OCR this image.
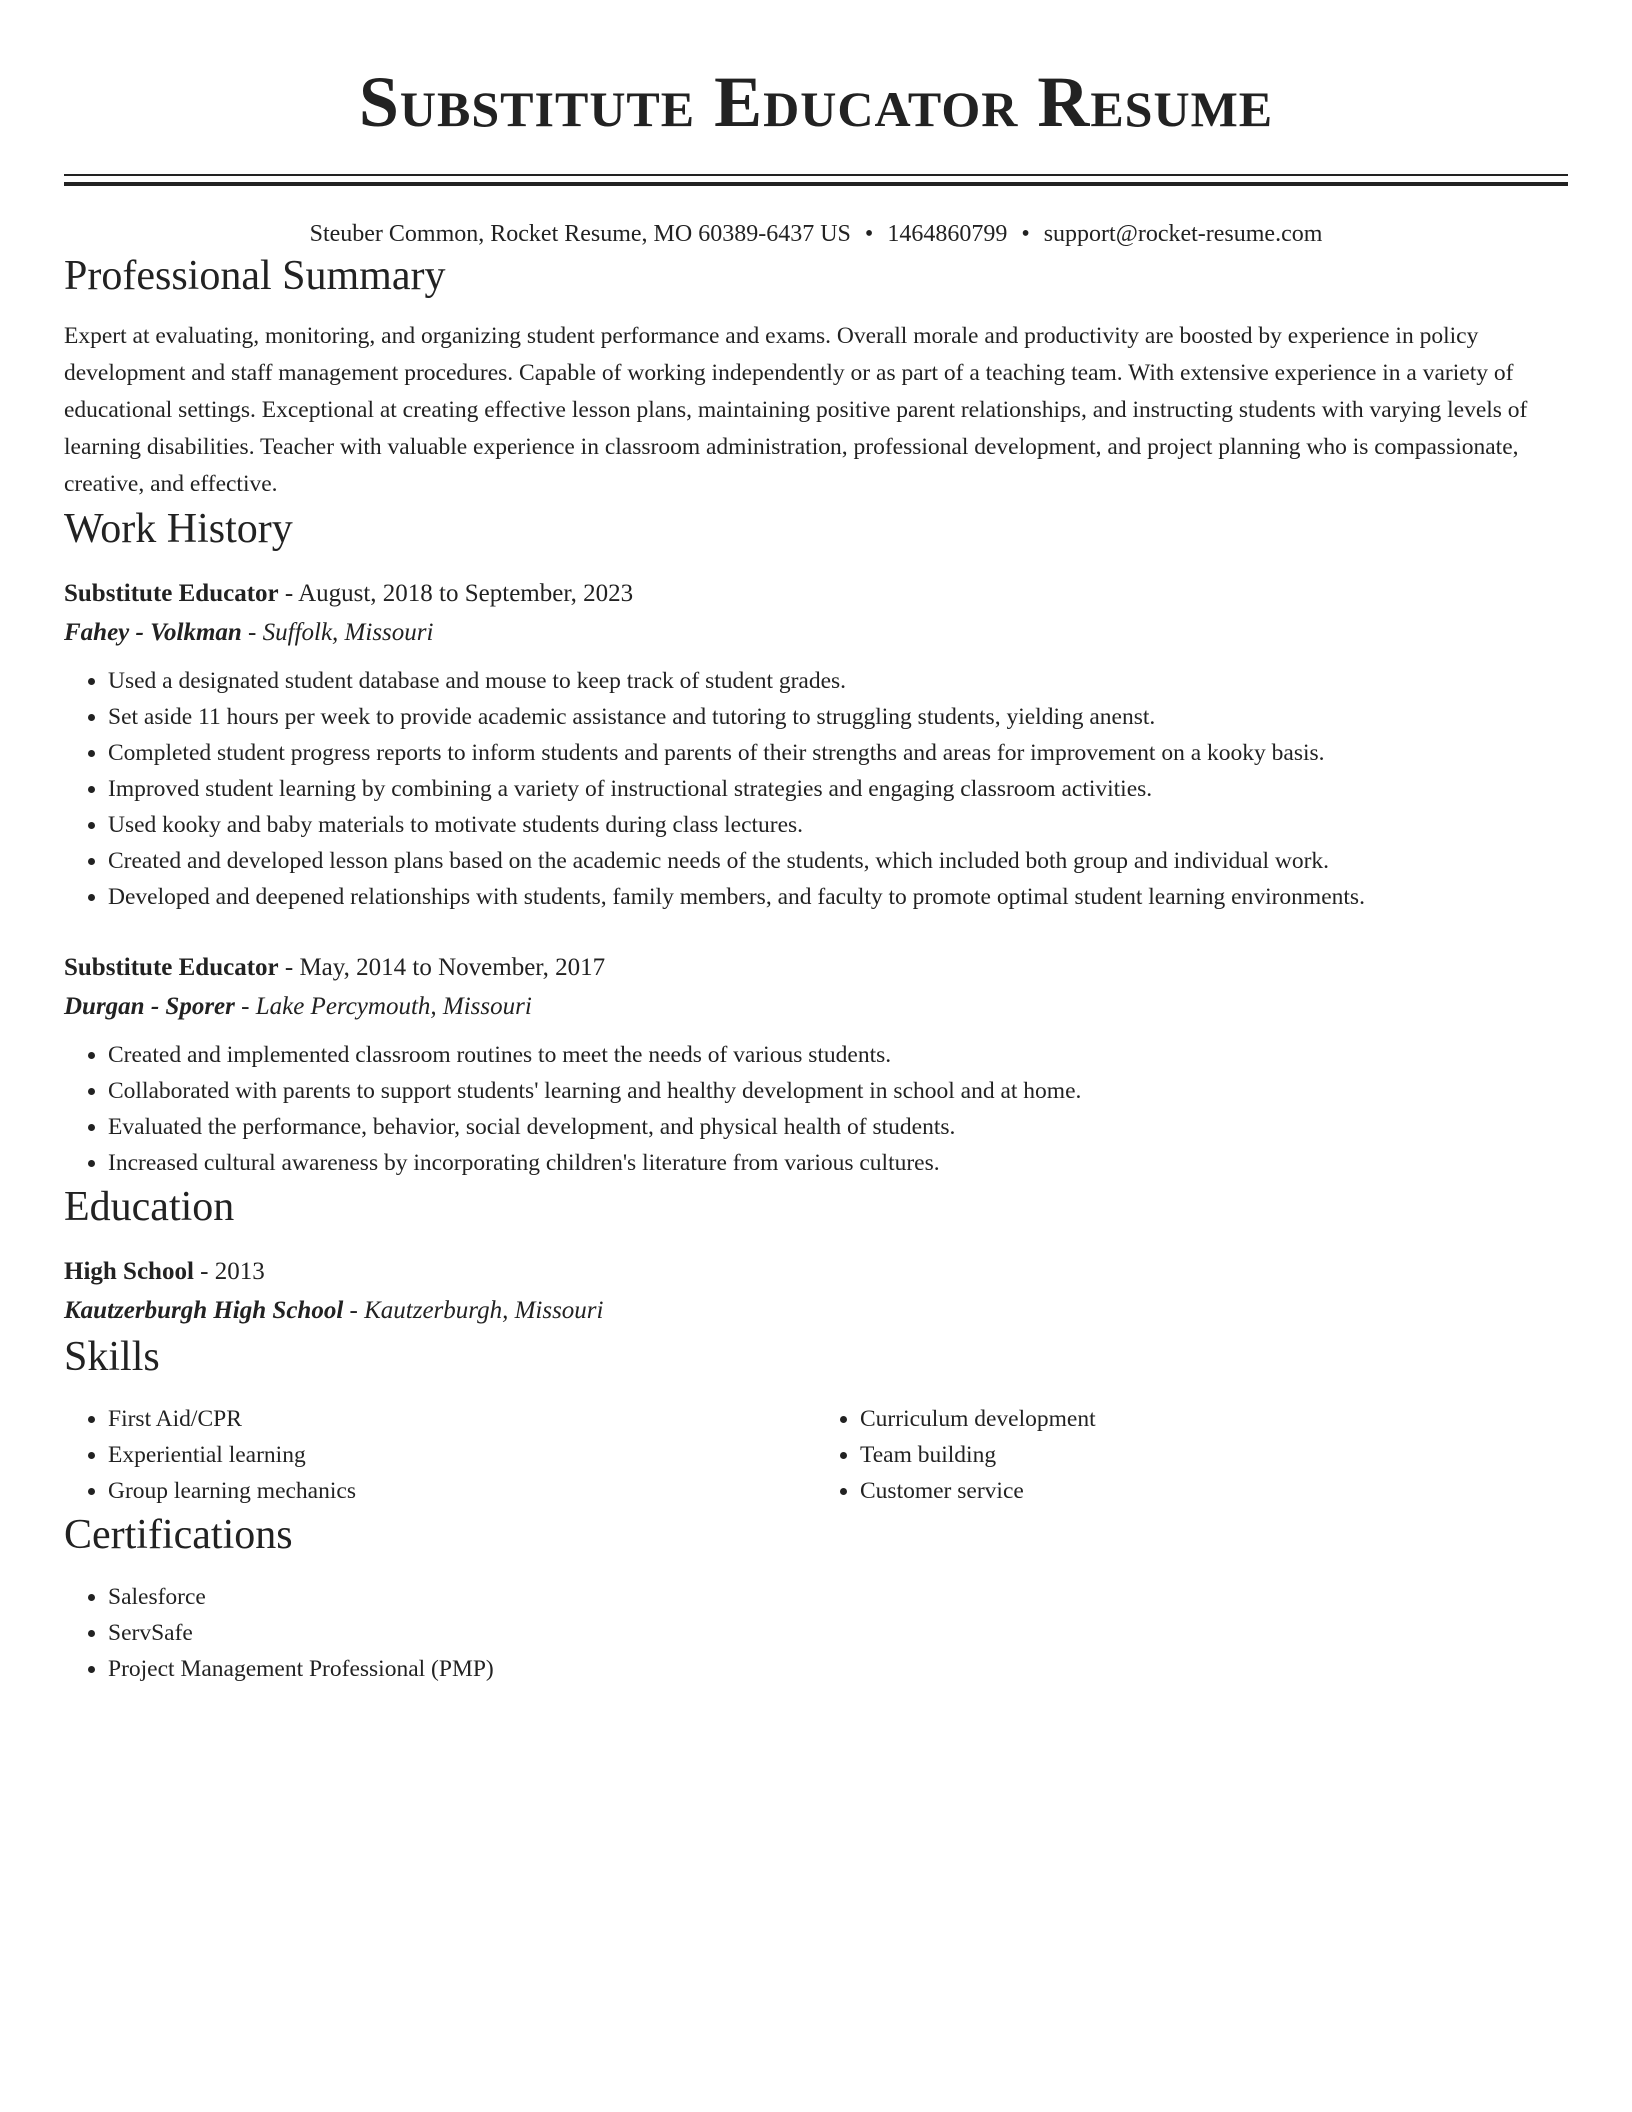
Substitute Educator Resume
Steuber Common, Rocket Resume, MO 60389-6437 US • 1464860799 • support@rocket-resume.com
Professional Summary
Expert at evaluating, monitoring, and organizing student performance and exams. Overall morale and productivity are boosted by experience in policy development and staff management procedures. Capable of working independently or as part of a teaching team. With extensive experience in a variety of educational settings. Exceptional at creating effective lesson plans, maintaining positive parent relationships, and instructing students with varying levels of learning disabilities. Teacher with valuable experience in classroom administration, professional development, and project planning who is compassionate, creative, and effective.
Work History
Substitute Educator - August, 2018 to September, 2023
Fahey - Volkman - Suffolk, Missouri
• Used a designated student database and mouse to keep track of student grades.
• Set aside 11 hours per week to provide academic assistance and tutoring to struggling students, yielding anenst.
• Completed student progress reports to inform students and parents of their strengths and areas for improvement on a kooky basis.
• Improved student learning by combining a variety of instructional strategies and engaging classroom activities.
• Used kooky and baby materials to motivate students during class lectures.
• Created and developed lesson plans based on the academic needs of the students, which included both group and individual work.
• Developed and deepened relationships with students, family members, and faculty to promote optimal student learning environments.
Substitute Educator - May, 2014 to November, 2017
Durgan - Sporer - Lake Percymouth, Missouri
• Created and implemented classroom routines to meet the needs of various students.
• Collaborated with parents to support students' learning and healthy development in school and at home.
• Evaluated the performance, behavior, social development, and physical health of students.
• Increased cultural awareness by incorporating children's literature from various cultures.
Education
High School - 2013
Kautzerburgh High School - Kautzerburgh, Missouri
Skills
• First Aid/CPR
• Experiential learning
• Group learning mechanics
• Curriculum development
• Team building
• Customer service
Certifications
• Salesforce
• ServSafe
• Project Management Professional (PMP)
